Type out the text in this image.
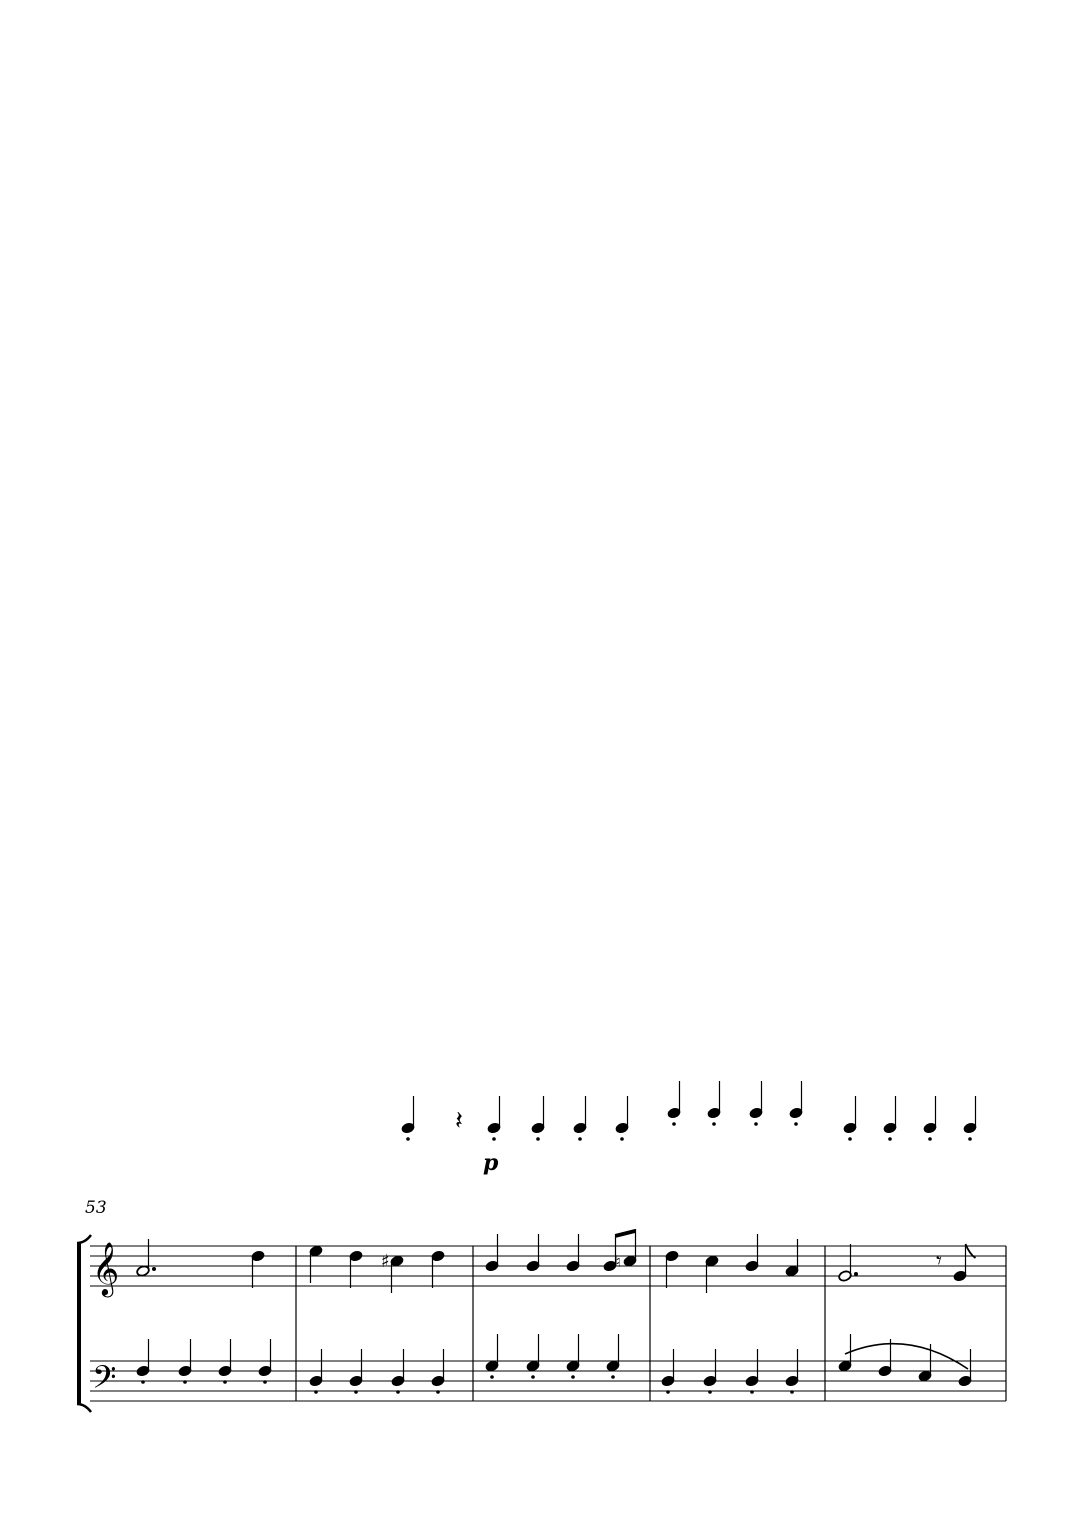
𝄽
p
𝄞
𝄢
53
♯	♮	𝄾
